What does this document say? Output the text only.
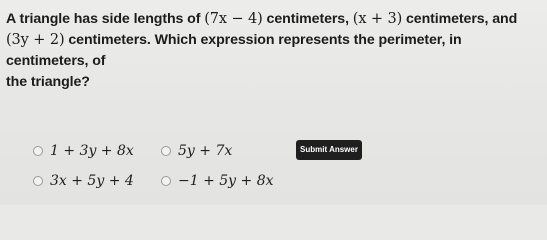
A triangle has side lengths of (7x − 4) centimeters, (x + 3) centimeters, and
(3y + 2) centimeters. Which expression represents the perimeter, in centimeters, of
the triangle?
1 + 3y + 8x	5y + 7x
3x + 5y + 4	−1 + 5y + 8x
Submit Answer
